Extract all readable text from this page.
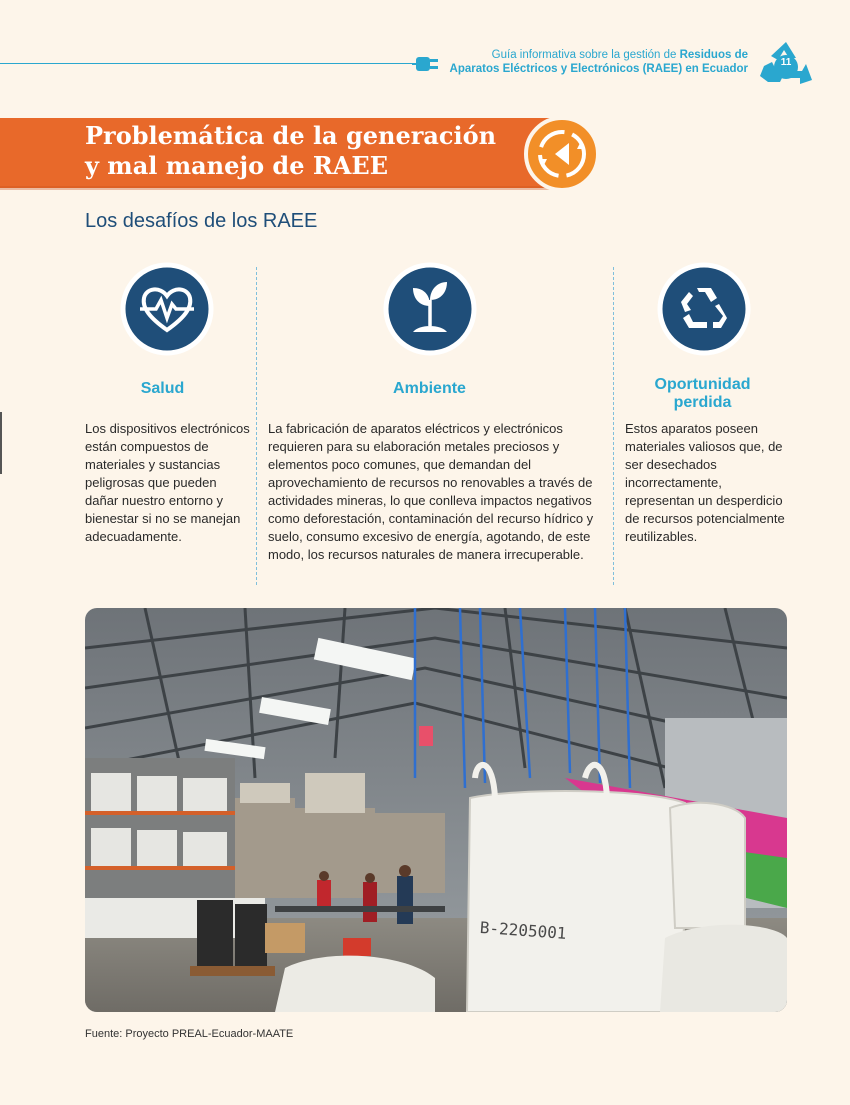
Guía informativa sobre la gestión de Residuos de
Aparatos Eléctricos y Electrónicos (RAEE) en Ecuador
11
Problemática de la generación
y mal manejo de RAEE
Los desafíos de los RAEE
Salud
Los dispositivos electrónicos están compuestos de materiales y sustancias peligrosas que pueden dañar nuestro entorno y bienestar si no se manejan adecuadamente.
Ambiente
La fabricación de aparatos eléctricos y electrónicos requieren para su elaboración metales preciosos y elementos poco comunes, que demandan del aprovechamiento de recursos no renovables a través de actividades mineras, lo que conlleva impactos negativos como deforestación, contaminación del recurso hídrico y suelo, consumo excesivo de energía, agotando, de este modo, los recursos naturales de manera irrecuperable.
Oportunidad
perdida
Estos aparatos poseen materiales valiosos que, de ser desechados incorrectamente, representan un desperdicio de recursos potencialmente reutilizables.
B-2205001
Fuente: Proyecto PREAL-Ecuador-MAATE
